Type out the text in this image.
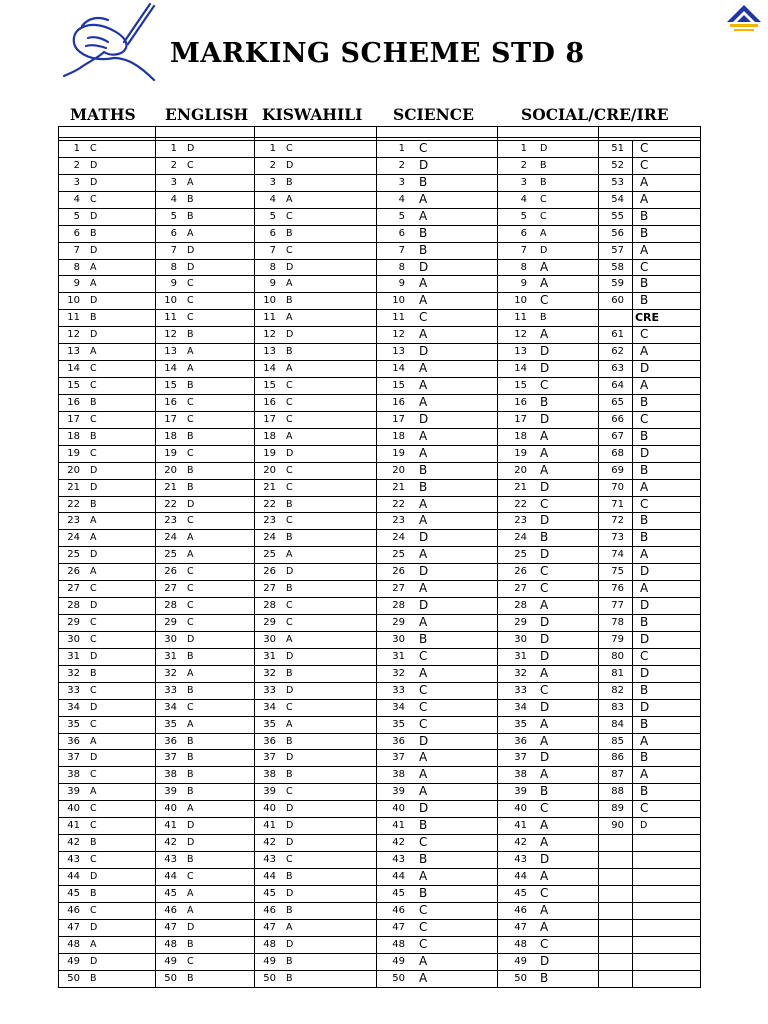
MARKING SCHEME STD 8
MATHS ENGLISH KISWAHILI SCIENCE	SOCIAL/CRE/IRE
1 C
2 D
3 D
4 C
5 D
6 B
7 D
8 A
9 A
10 D
11 B
12 D
13 A
14 C
15 C
16 B
17 C
18 B
19 C
20 D
21 D
22 B
23 A
24 A
25 D
26 A
27 C
28 D
29 C
30 C
31 D
32 B
33 C
34 D
35 C
36 A
37 D
38 C
39 A
40 C
41 C
42 B
43 C
44 D
45 B
46 C
47 D
48 A
49 D
50 B
1 D
2 C
3 A
4 B
5 B
6 A
7 D
8 D
9 C
10 C
11 C
12 B
13 A
14 A
15 B
16 C
17 C
18 B
19 C
20 B
21 B
22 D
23 C
24 A
25 A
26 C
27 C
28 C
29 C
30 D
31 B
32 A
33 B
34 C
35 A
36 B
37 B
38 B
39 B
40 A
41 D
42 D
43 B
44 C
45 A
46 A
47 D
48 B
49 C
50 B
1 C
2 D
3 B
4 A
5 C
6 B
7 C
8 D
9 A
10 B
11 A
12 D
13 B
14 A
15 C
16 C
17 C
18 A
19 D
20 C
21 C
22 B
23 C
24 B
25 A
26 D
27 B
28 C
29 C
30 A
31 D
32 B
33 D
34 C
35 A
36 B
37 D
38 B
39 C
40 D
41 D
42 D
43 C
44 B
45 D
46 B
47 A
48 D
49 B
50 B
1 C
2 D
3 B
4 A
5 A
6 B
7 B
8 D
9 A
10 A
11 C
12 A
13 D
14 A
15 A
16 A
17 D
18 A
19 A
20 B
21 B
22 A
23 A
24 D
25 A
26 D
27 A
28 D
29 A
30 B
31 C
32 A
33 C
34 C
35 C
36 D
37 A
38 A
39 A
40 D
41 B
42 C
43 B
44 A
45 B
46 C
47 C
48 C
49 A
50 A
1 D
2 B
3 B
4 C
5 C
6 A
7 D
8 A
9 A
10 C
11 B
12 A
13 D
14 D
15 C
16 B
17 D
18 A
19 A
20 A
21 D
22 C
23 D
24 B
25 D
26 C
27 C
28 A
29 D
30 D
31 D
32 A
33 C
34 D
35 A
36 A
37 D
38 A
39 B
40 C
41 A
42 A
43 D
44 A
45 C
46 A
47 A
48 C
49 D
50 B
51 C
52 C
53 A
54 A
55 B
56 B
57 A
58 C
59 B
60 B
CRE
61 C
62 A
63 D
64 A
65 B
66 C
67 B
68 D
69 B
70 A
71 C
72 B
73 B
74 A
75 D
76 A
77 D
78 B
79 D
80 C
81 D
82 B
83 D
84 B
85 A
86 B
87 A
88 B
89 C
90 D
